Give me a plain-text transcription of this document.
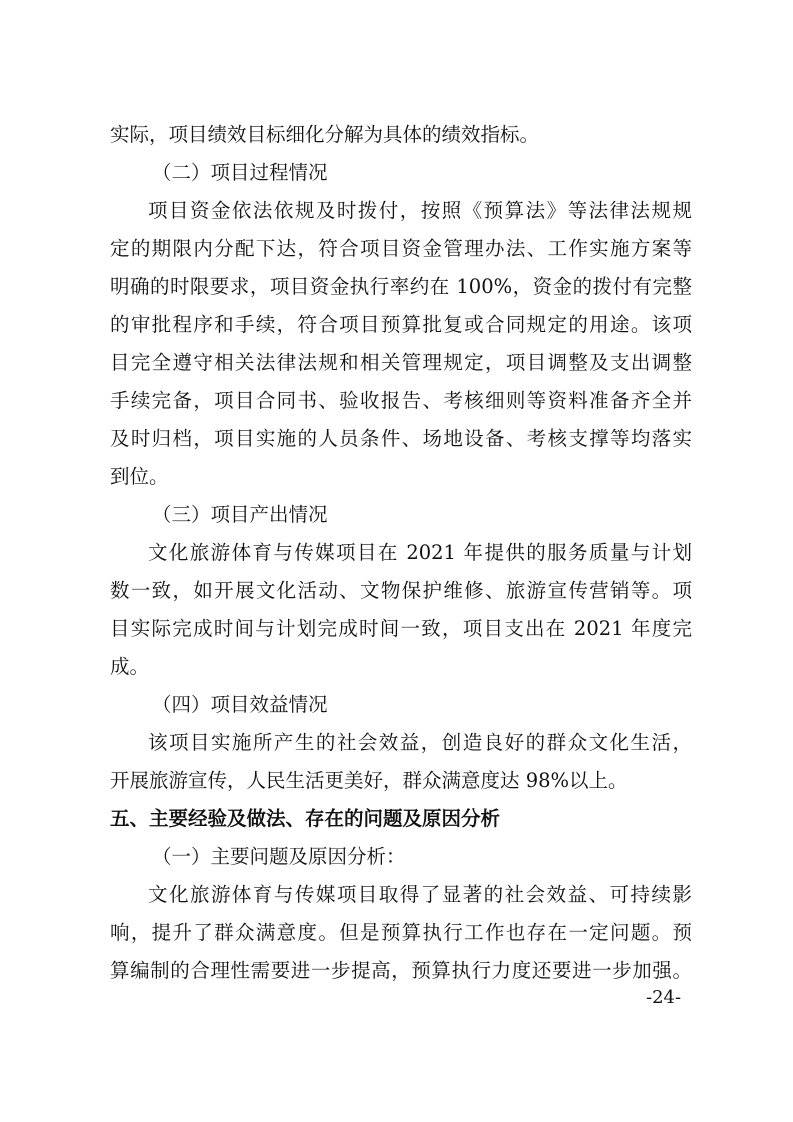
实际，项目绩效目标细化分解为具体的绩效指标。
（二）项目过程情况
项目资金依法依规及时拨付，按照《预算法》等法律法规规
定的期限内分配下达，符合项目资金管理办法、工作实施方案等
明确的时限要求，项目资金执行率约在 100%，资金的拨付有完整
的审批程序和手续，符合项目预算批复或合同规定的用途。该项
目完全遵守相关法律法规和相关管理规定，项目调整及支出调整
手续完备，项目合同书、验收报告、考核细则等资料准备齐全并
及时归档，项目实施的人员条件、场地设备、考核支撑等均落实
到位。
（三）项目产出情况
文化旅游体育与传媒项目在 2021 年提供的服务质量与计划
数一致，如开展文化活动、文物保护维修、旅游宣传营销等。项
目实际完成时间与计划完成时间一致，项目支出在 2021 年度完
成。
（四）项目效益情况
该项目实施所产生的社会效益，创造良好的群众文化生活，
开展旅游宣传，人民生活更美好，群众满意度达 98%以上。
五、主要经验及做法、存在的问题及原因分析
（一）主要问题及原因分析：
文化旅游体育与传媒项目取得了显著的社会效益、可持续影
响，提升了群众满意度。但是预算执行工作也存在一定问题。预
算编制的合理性需要进一步提高，预算执行力度还要进一步加强。
-24-
